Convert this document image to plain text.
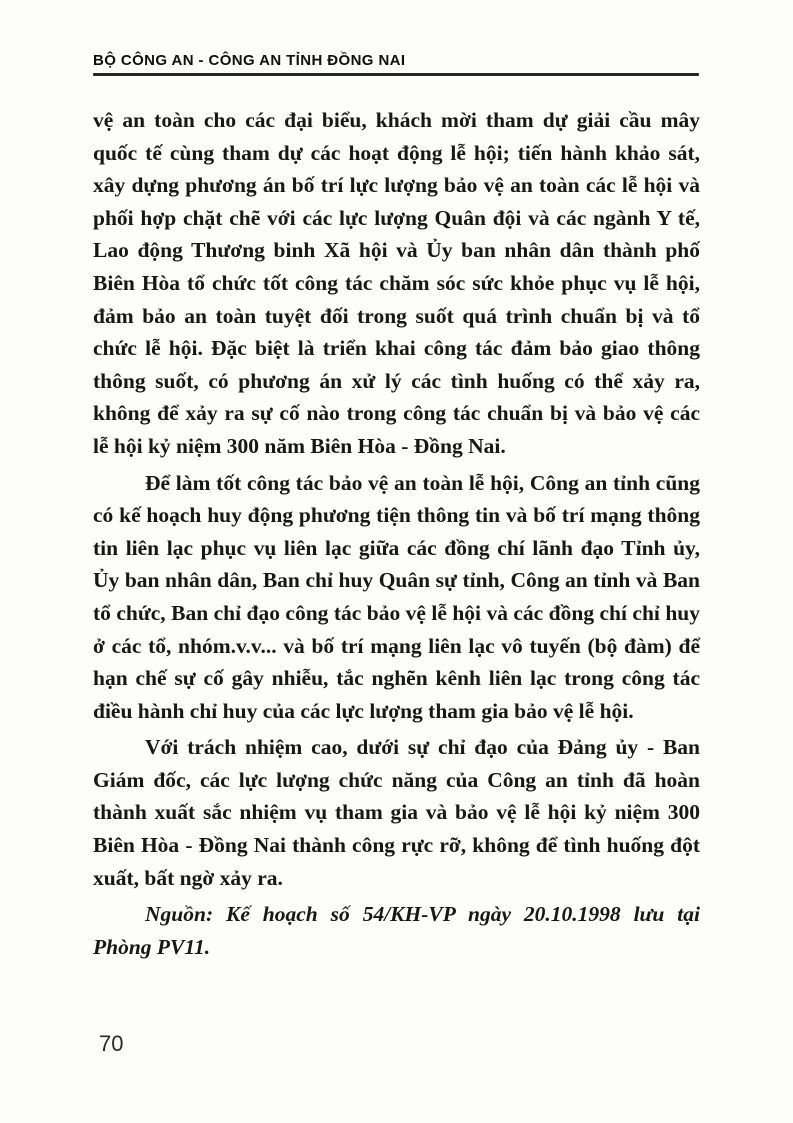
BỘ CÔNG AN - CÔNG AN TỈNH ĐỒNG NAI

vệ an toàn cho các đại biểu, khách mời tham dự giải cầu mây quốc tế cùng tham dự các hoạt động lễ hội; tiến hành khảo sát, xây dựng phương án bố trí lực lượng bảo vệ an toàn các lễ hội và phối hợp chặt chẽ với các lực lượng Quân đội và các ngành Y tế, Lao động Thương binh Xã hội và Ủy ban nhân dân thành phố Biên Hòa tổ chức tốt công tác chăm sóc sức khỏe phục vụ lễ hội, đảm bảo an toàn tuyệt đối trong suốt quá trình chuẩn bị và tổ chức lễ hội. Đặc biệt là triển khai công tác đảm bảo giao thông thông suốt, có phương án xử lý các tình huống có thể xảy ra, không để xảy ra sự cố nào trong công tác chuẩn bị và bảo vệ các lễ hội kỷ niệm 300 năm Biên Hòa - Đồng Nai.

Để làm tốt công tác bảo vệ an toàn lễ hội, Công an tỉnh cũng có kế hoạch huy động phương tiện thông tin và bố trí mạng thông tin liên lạc phục vụ liên lạc giữa các đồng chí lãnh đạo Tỉnh ủy, Ủy ban nhân dân, Ban chỉ huy Quân sự tỉnh, Công an tỉnh và Ban tổ chức, Ban chỉ đạo công tác bảo vệ lễ hội và các đồng chí chỉ huy ở các tổ, nhóm.v.v... và bố trí mạng liên lạc vô tuyến (bộ đàm) để hạn chế sự cố gây nhiễu, tắc nghẽn kênh liên lạc trong công tác điều hành chỉ huy của các lực lượng tham gia bảo vệ lễ hội.

Với trách nhiệm cao, dưới sự chỉ đạo của Đảng ủy - Ban Giám đốc, các lực lượng chức năng của Công an tỉnh đã hoàn thành xuất sắc nhiệm vụ tham gia và bảo vệ lễ hội kỷ niệm 300 Biên Hòa - Đồng Nai thành công rực rỡ, không để tình huống đột xuất, bất ngờ xảy ra.

Nguồn: Kế hoạch số 54/KH-VP ngày 20.10.1998 lưu tại Phòng PV11.

70
